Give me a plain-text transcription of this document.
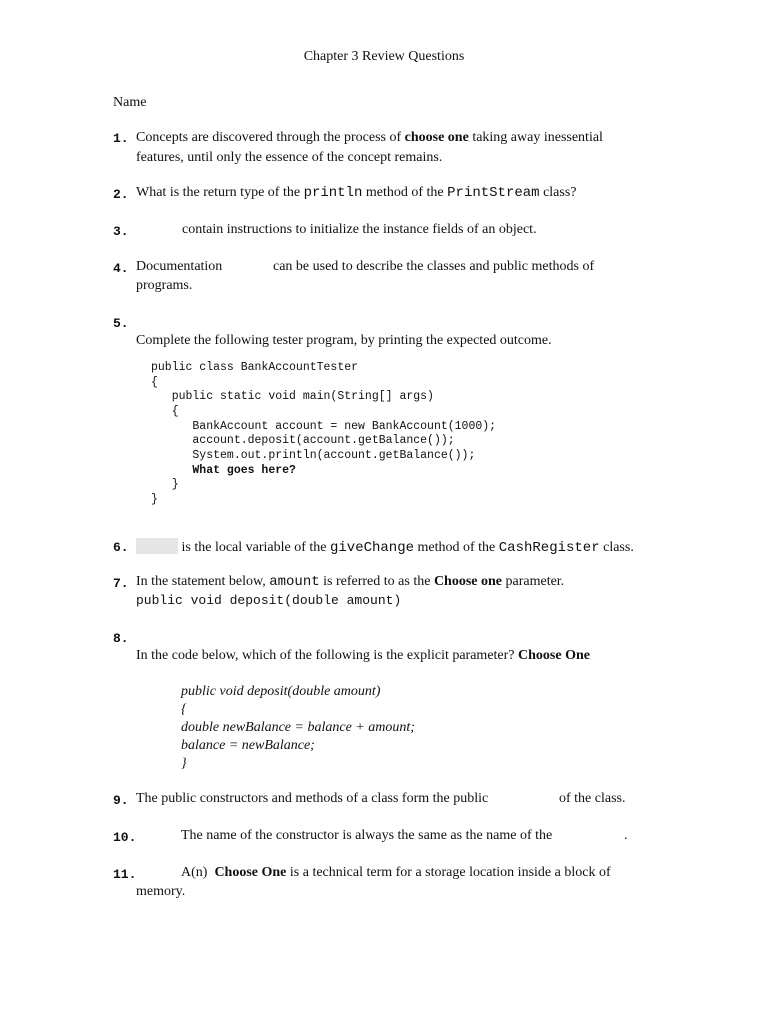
Chapter 3 Review Questions
Name
1. Concepts are discovered through the process of choose one taking away inessential
features, until only the essence of the concept remains.
2. What is the return type of the println method of the PrintStream class?
3.	contain instructions to initialize the instance fields of an object.
4. Documentation	can be used to describe the classes and public methods of
programs.
5.
Complete the following tester program, by printing the expected outcome.
public class BankAccountTester
{
public static void main(String[] args)
{
BankAccount account = new BankAccount(1000);
account.deposit(account.getBalance());
System.out.println(account.getBalance());
What goes here?
}
}
6.	is the local variable of the giveChange method of the CashRegister class.
7. In the statement below, amount is referred to as the Choose one parameter.
public void deposit(double amount)
8.
In the code below, which of the following is the explicit parameter? Choose One
public void deposit(double amount)
{
double newBalance = balance + amount;
balance = newBalance;
}
9. The public constructors and methods of a class form the public	of the class.
10.	The name of the constructor is always the same as the name of the	.
11.	A(n) Choose One is a technical term for a storage location inside a block of
memory.
